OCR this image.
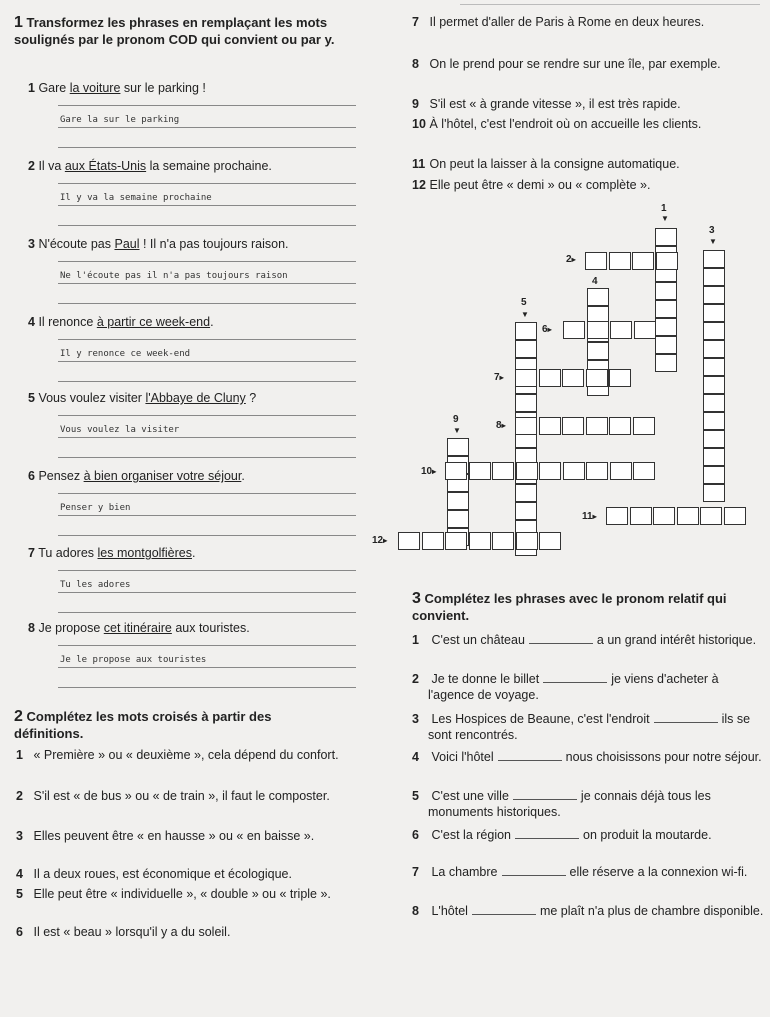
1 Transformez les phrases en remplaçant les mots soulignés par le pronom COD qui convient ou par y.
1 Gare la voiture sur le parking !
Gare la sur le parking
2 Il va aux États-Unis la semaine prochaine.
Il y va la semaine prochaine
3 N'écoute pas Paul ! Il n'a pas toujours raison.
Ne l'écoute pas il n'a pas toujours raison
4 Il renonce à partir ce week-end.
Il y renonce ce week-end
5 Vous voulez visiter l'Abbaye de Cluny ?
Vous voulez la visiter
6 Pensez à bien organiser votre séjour.
Penser y bien
7 Tu adores les montgolfières.
Tu les adores
8 Je propose cet itinéraire aux touristes.
Je le propose aux touristes
2 Complétez les mots croisés à partir des définitions.
1 « Première » ou « deuxième », cela dépend du confort.
2 S'il est « de bus » ou « de train », il faut le composter.
3 Elles peuvent être « en hausse » ou « en baisse ».
4 Il a deux roues, est économique et écologique.
5 Elle peut être « individuelle », « double » ou « triple ».
6 Il est « beau » lorsqu'il y a du soleil.
7 Il permet d'aller de Paris à Rome en deux heures.
8 On le prend pour se rendre sur une île, par exemple.
9 S'il est « à grande vitesse », il est très rapide.
10 À l'hôtel, c'est l'endroit où on accueille les clients.
11 On peut la laisser à la consigne automatique.
12 Elle peut être « demi » ou « complète ».
1
▼
3
▼
2▸
4
5
▼
6▸
7▸
8▸
9
▼
10▸
11▸
12▸
3 Complétez les phrases avec le pronom relatif qui convient.
1 C'est un château	a un grand intérêt historique.
2 Je te donne le billet	je viens d'acheter à l'agence de voyage.
3 Les Hospices de Beaune, c'est l'endroit	ils se sont rencontrés.
4 Voici l'hôtel	nous choisissons pour notre séjour.
5 C'est une ville	je connais déjà tous les monuments historiques.
6 C'est la région	on produit la moutarde.
7 La chambre	elle réserve a la connexion wi-fi.
8 L'hôtel	me plaît n'a plus de chambre disponible.
